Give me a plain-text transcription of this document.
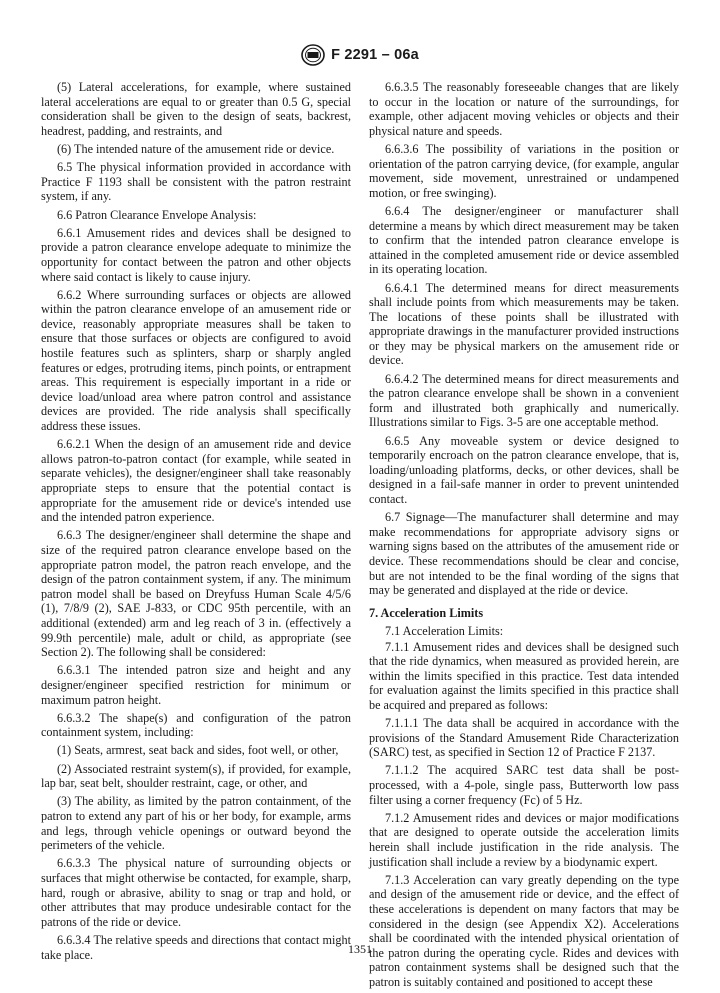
F 2291 – 06a

(5) Lateral accelerations, for example, where sustained lateral accelerations are equal to or greater than 0.5 G, special consideration shall be given to the design of seats, backrest, headrest, padding, and restraints, and

(6) The intended nature of the amusement ride or device.

6.5 The physical information provided in accordance with Practice F 1193 shall be consistent with the patron restraint system, if any.

6.6 Patron Clearance Envelope Analysis:

6.6.1 Amusement rides and devices shall be designed to provide a patron clearance envelope adequate to minimize the opportunity for contact between the patron and other objects where said contact is likely to cause injury.

6.6.2 Where surrounding surfaces or objects are allowed within the patron clearance envelope of an amusement ride or device, reasonably appropriate measures shall be taken to ensure that those surfaces or objects are configured to avoid hostile features such as splinters, sharp or sharply angled features or edges, protruding items, pinch points, or entrapment areas. This requirement is especially important in a ride or device load/unload area where patron control and assistance devices are provided. The ride analysis shall specifically address these issues.

6.6.2.1 When the design of an amusement ride and device allows patron-to-patron contact (for example, while seated in separate vehicles), the designer/engineer shall take reasonably appropriate steps to ensure that the potential contact is appropriate for the amusement ride or device's intended use and the intended patron experience.

6.6.3 The designer/engineer shall determine the shape and size of the required patron clearance envelope based on the appropriate patron model, the patron reach envelope, and the design of the patron containment system, if any. The minimum patron model shall be based on Dreyfuss Human Scale 4/5/6 (1), 7/8/9 (2), SAE J-833, or CDC 95th percentile, with an additional (extended) arm and leg reach of 3 in. (effectively a 99.9th percentile) male, adult or child, as appropriate (see Section 2). The following shall be considered:

6.6.3.1 The intended patron size and height and any designer/engineer specified restriction for minimum or maximum patron height.

6.6.3.2 The shape(s) and configuration of the patron containment system, including:

(1) Seats, armrest, seat back and sides, foot well, or other,

(2) Associated restraint system(s), if provided, for example, lap bar, seat belt, shoulder restraint, cage, or other, and

(3) The ability, as limited by the patron containment, of the patron to extend any part of his or her body, for example, arms and legs, through vehicle openings or outward beyond the perimeters of the vehicle.

6.6.3.3 The physical nature of surrounding objects or surfaces that might otherwise be contacted, for example, sharp, hard, rough or abrasive, ability to snag or trap and hold, or other attributes that may produce undesirable contact for the patrons of the ride or device.

6.6.3.4 The relative speeds and directions that contact might take place.

6.6.3.5 The reasonably foreseeable changes that are likely to occur in the location or nature of the surroundings, for example, other adjacent moving vehicles or objects and their physical nature and speeds.

6.6.3.6 The possibility of variations in the position or orientation of the patron carrying device, (for example, angular movement, side movement, unrestrained or undampened motion, or free swinging).

6.6.4 The designer/engineer or manufacturer shall determine a means by which direct measurement may be taken to confirm that the intended patron clearance envelope is attained in the completed amusement ride or device assembled in its operating location.

6.6.4.1 The determined means for direct measurements shall include points from which measurements may be taken. The locations of these points shall be illustrated with appropriate drawings in the manufacturer provided instructions or they may be physical markers on the amusement ride or device.

6.6.4.2 The determined means for direct measurements and the patron clearance envelope shall be shown in a convenient form and illustrated both graphically and numerically. Illustrations similar to Figs. 3-5 are one acceptable method.

6.6.5 Any moveable system or device designed to temporarily encroach on the patron clearance envelope, that is, loading/unloading platforms, decks, or other devices, shall be designed in a fail-safe manner in order to prevent unintended contact.

6.7 Signage—The manufacturer shall determine and may make recommendations for appropriate advisory signs or warning signs based on the attributes of the amusement ride or device. These recommendations should be clear and concise, but are not intended to be the final wording of the signs that may be generated and displayed at the ride or device.

7. Acceleration Limits

7.1 Acceleration Limits:

7.1.1 Amusement rides and devices shall be designed such that the ride dynamics, when measured as provided herein, are within the limits specified in this practice. Test data intended for evaluation against the limits specified in this practice shall be acquired and prepared as follows:

7.1.1.1 The data shall be acquired in accordance with the provisions of the Standard Amusement Ride Characterization (SARC) test, as specified in Section 12 of Practice F 2137.

7.1.1.2 The acquired SARC test data shall be post-processed, with a 4-pole, single pass, Butterworth low pass filter using a corner frequency (Fc) of 5 Hz.

7.1.2 Amusement rides and devices or major modifications that are designed to operate outside the acceleration limits herein shall include justification in the ride analysis. The justification shall include a review by a biodynamic expert.

7.1.3 Acceleration can vary greatly depending on the type and design of the amusement ride or device, and the effect of these accelerations is dependent on many factors that may be considered in the design (see Appendix X2). Accelerations shall be coordinated with the intended physical orientation of the patron during the operating cycle. Rides and devices with patron containment systems shall be designed such that the patron is suitably contained and positioned to accept these

1351
